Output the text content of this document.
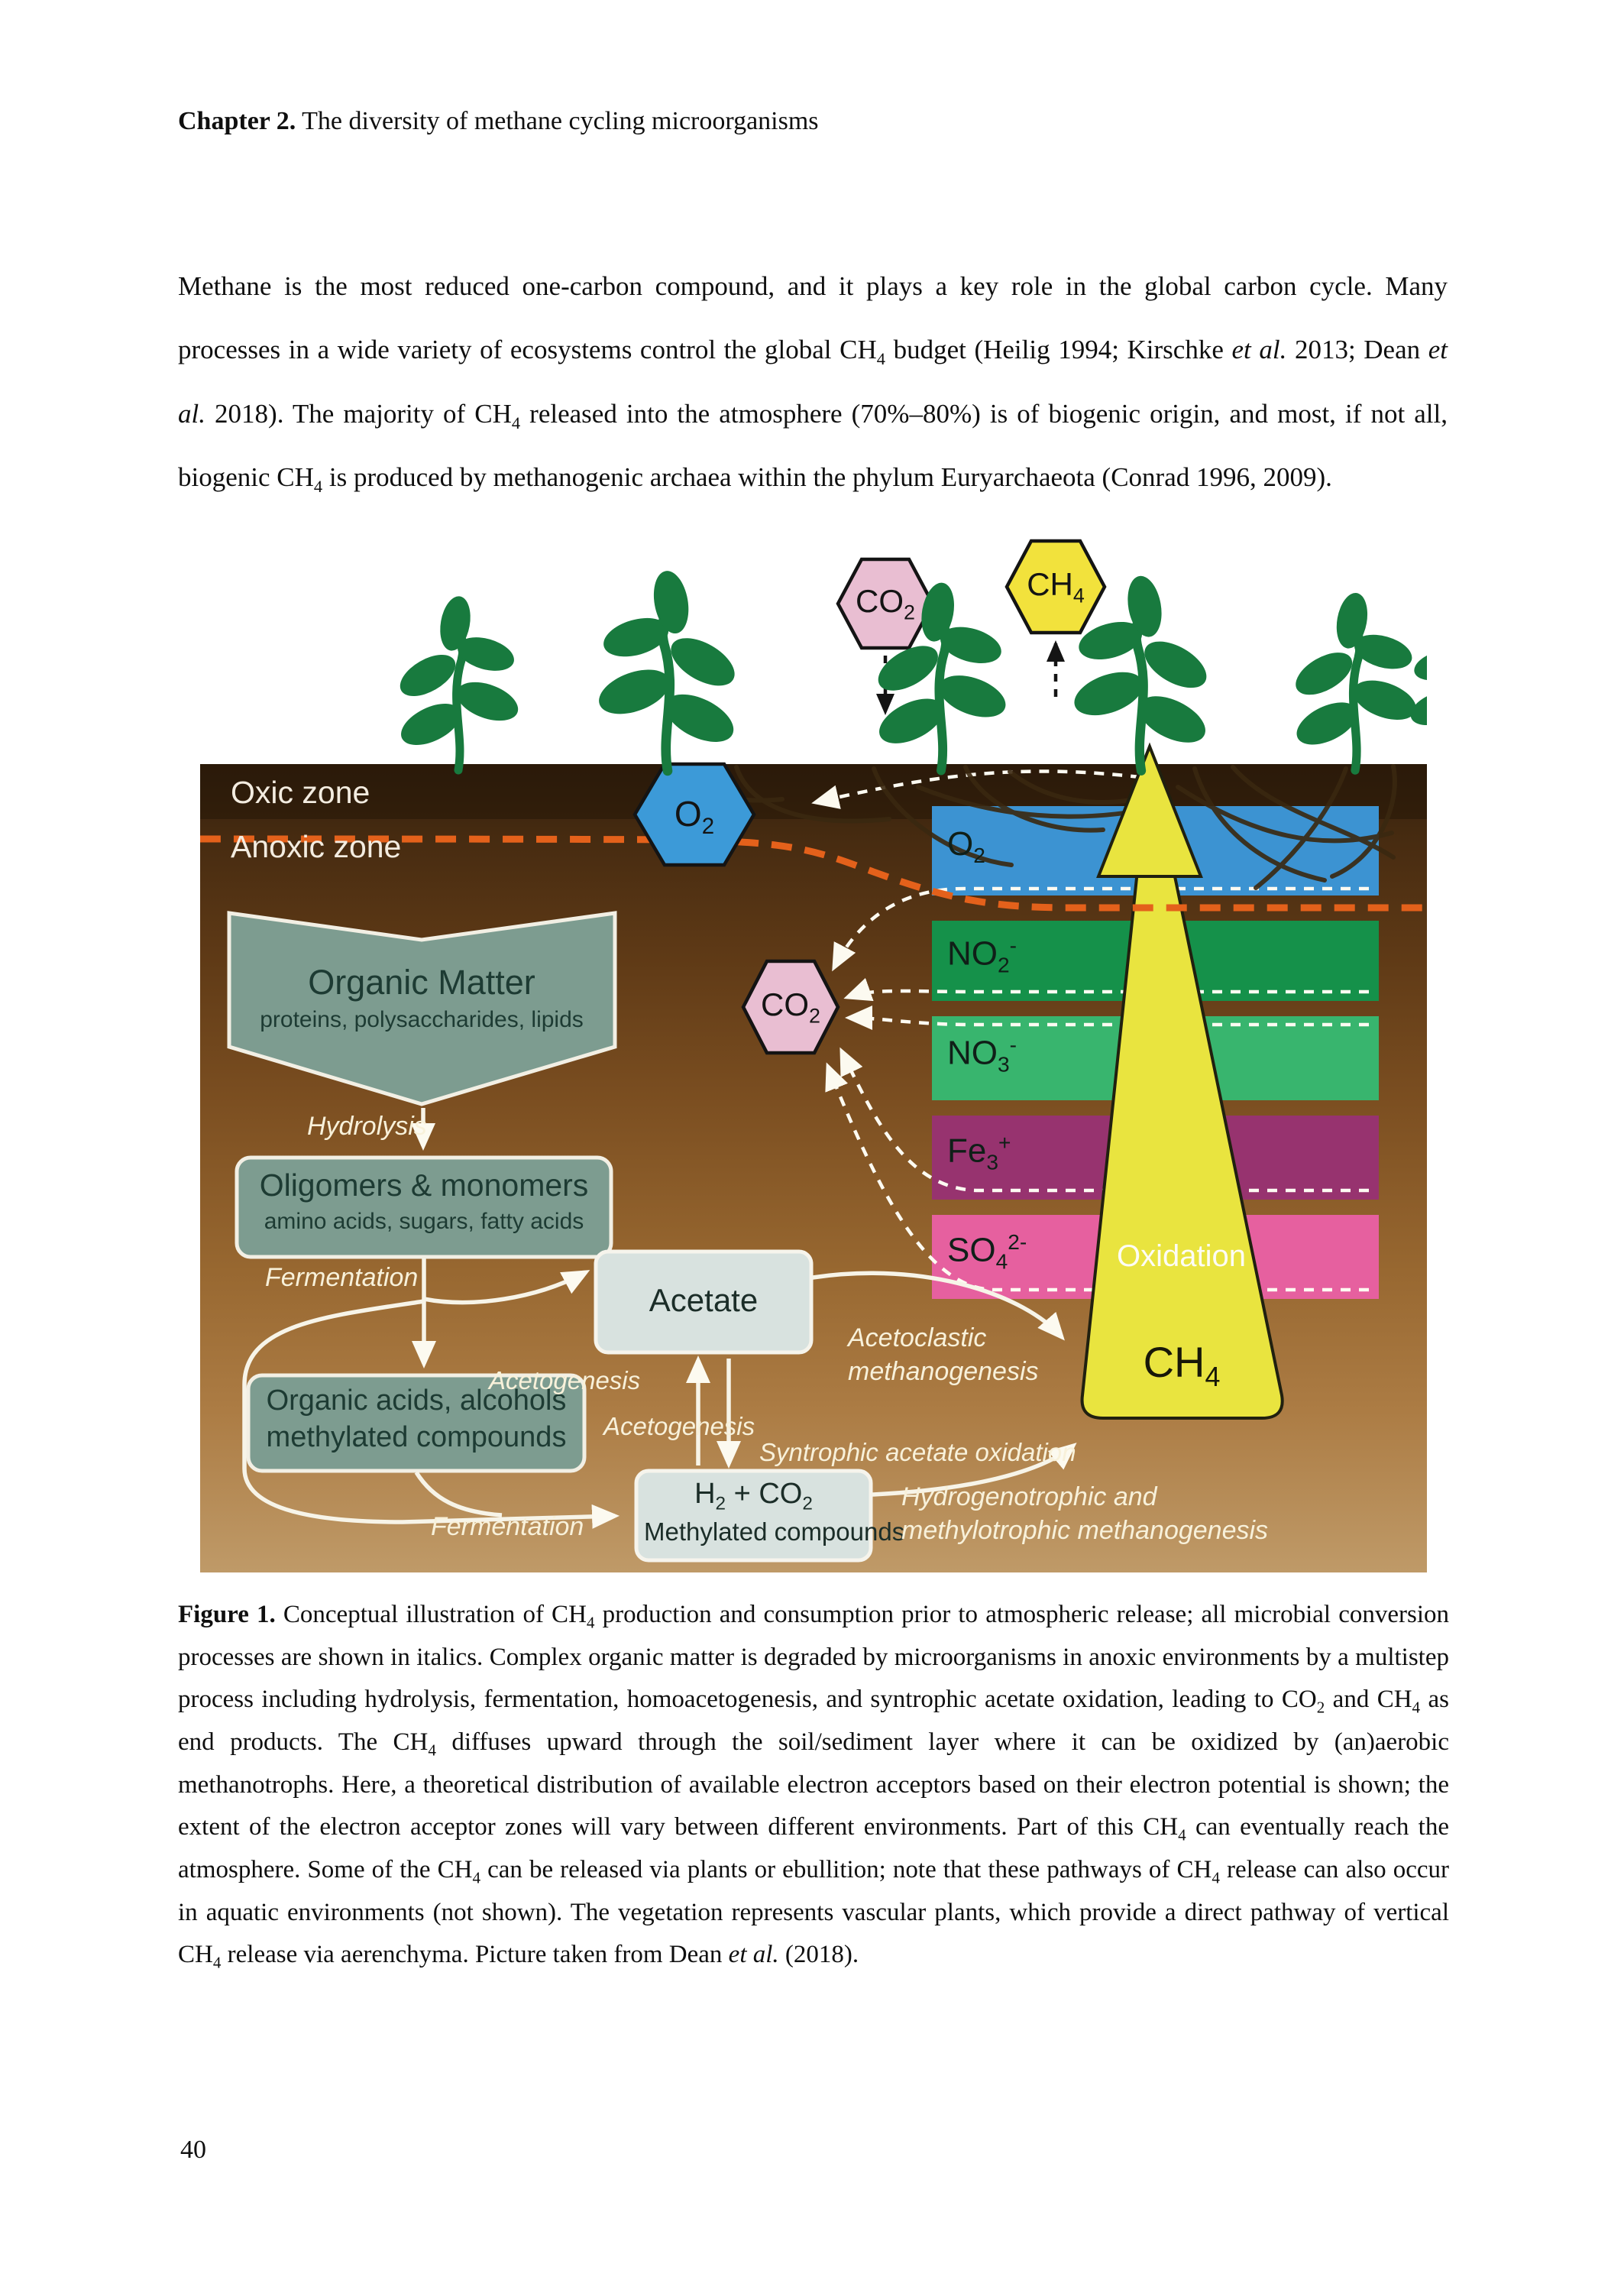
Chapter 2. The diversity of methane cycling microorganisms

Methane is the most reduced one-carbon compound, and it plays a key role in the global carbon cycle. Many processes in a wide variety of ecosystems control the global $CH_4$ budget (Heilig 1994; Kirschke et al. 2013; Dean et al. 2018). The majority of $CH_4$ released into the atmosphere (70%–80%) is of biogenic origin, and most, if not all, biogenic $CH_4$ is produced by methanogenic archaea within the phylum Euryarchaeota (Conrad 1996, 2009).

Oxic zone
Anoxic zone
$CO_2$
$CH_4$
$O_2$
$CO_2$
$O_2$
$NO_2^-$
$NO_3^-$
$Fe_3^+$
$SO_4^{2-}$
Organic Matter
proteins, polysaccharides, lipids
Oligomers & monomers
amino acids, sugars, fatty acids
Organic acids, alcohols
methylated compounds
Acetate
$H_2 + CO_2$
Methylated compounds
Hydrolysis
Fermentation
Acetogenesis
Acetogenesis
Acetoclastic
methanogenesis
Syntrophic acetate oxidation
Fermentation
Hydrogenotrophic and
methylotrophic methanogenesis
Oxidation
$CH_4$
Figure 1. Conceptual illustration of $CH_4$ production and consumption prior to atmospheric release; all microbial conversion processes are shown in italics. Complex organic matter is degraded by microorganisms in anoxic environments by a multistep process including hydrolysis, fermentation, homoacetogenesis, and syntrophic acetate oxidation, leading to $CO_2$ and $CH_4$ as end products. The $CH_4$ diffuses upward through the soil/sediment layer where it can be oxidized by (an)aerobic methanotrophs. Here, a theoretical distribution of available electron acceptors based on their electron potential is shown; the extent of the electron acceptor zones will vary between different environments. Part of this $CH_4$ can eventually reach the atmosphere. Some of the $CH_4$ can be released via plants or ebullition; note that these pathways of $CH_4$ release can also occur in aquatic environments (not shown). The vegetation represents vascular plants, which provide a direct pathway of vertical $CH_4$ release via aerenchyma. Picture taken from Dean et al. (2018).
40
